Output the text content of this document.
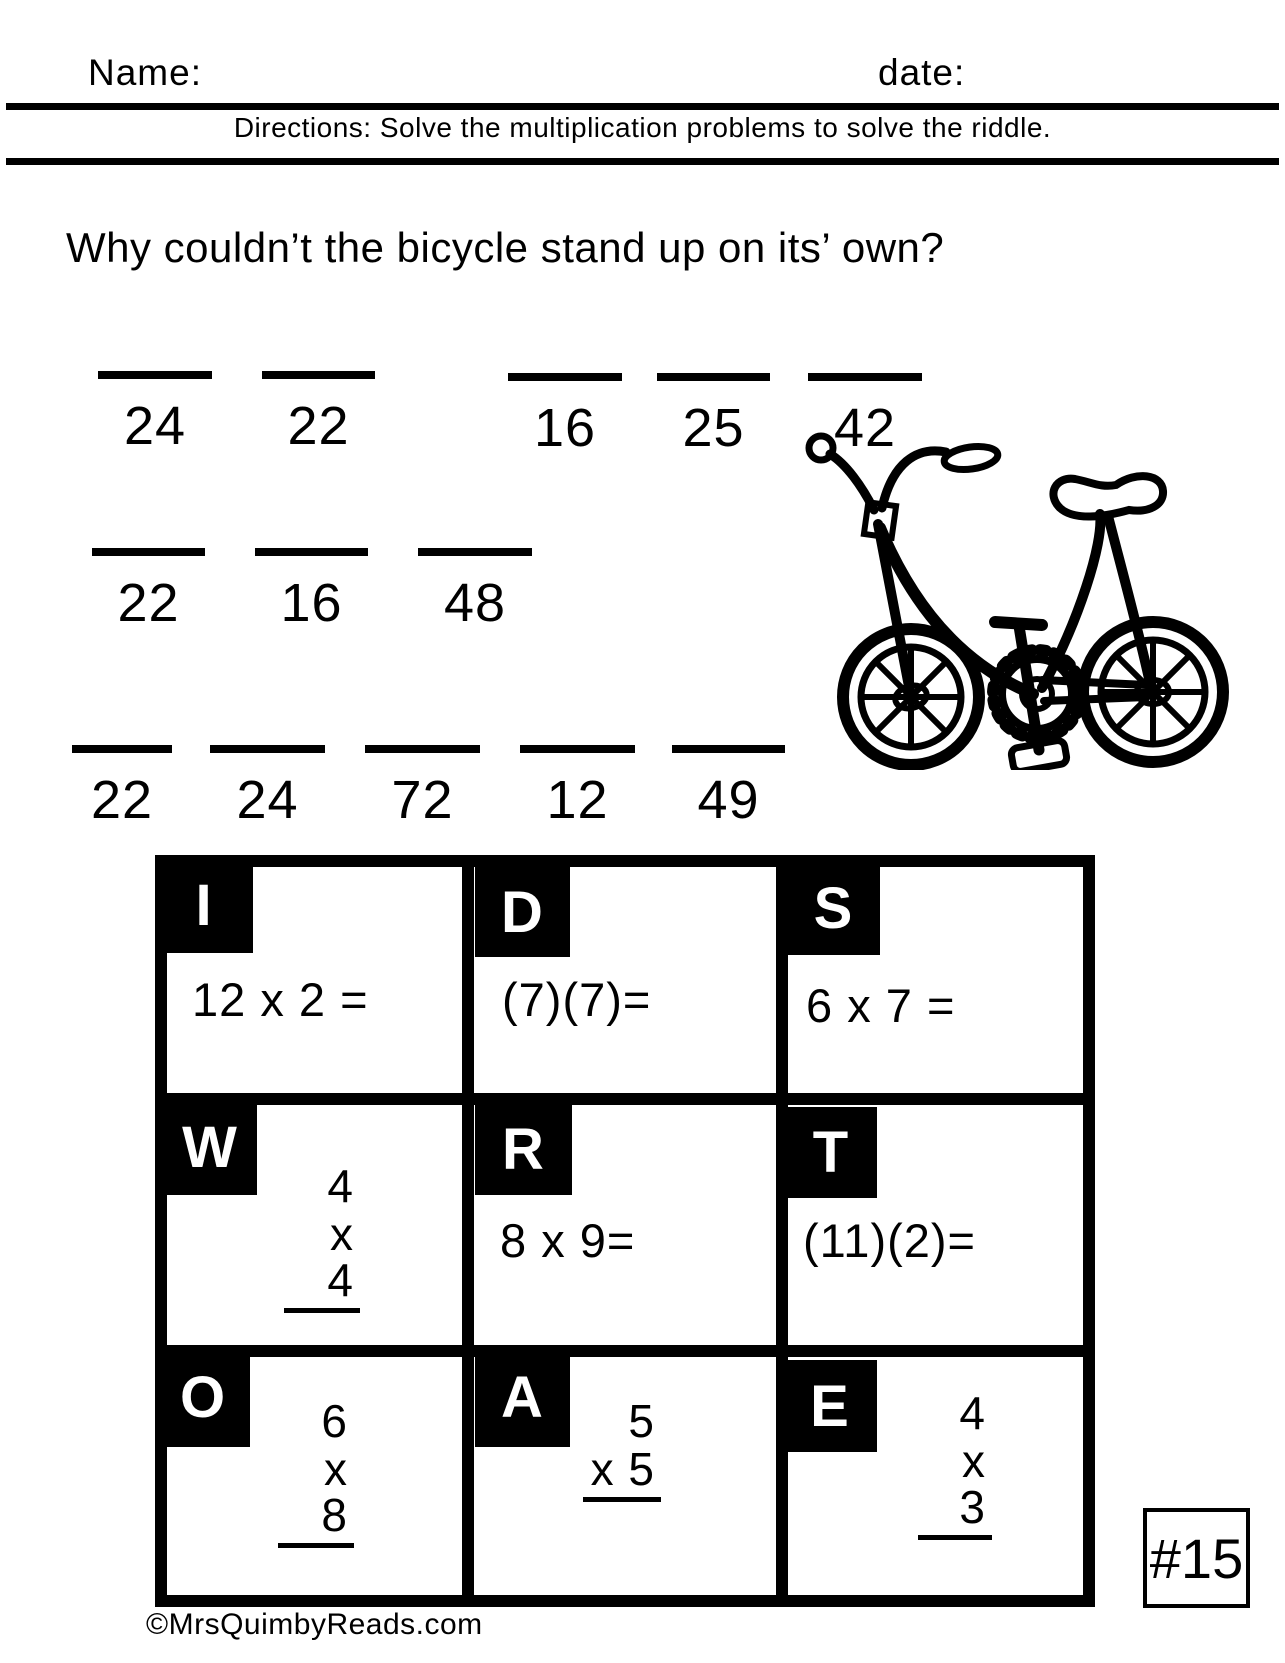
Name:	date:
Directions: Solve the multiplication problems to solve the riddle.
Why couldn’t the bicycle stand up on its’ own?
24	22	16	25	42
22	16	48
22	24	72	12	49
I	D	S
W	R	T
O	A	E
12 x 2 =	(7)(7)=	6 x 7 =
8 x 9=	(11)(2)=
4
x 4
6
x 8
5
x 5
4
x 3
#15
©MrsQuimbyReads.com
